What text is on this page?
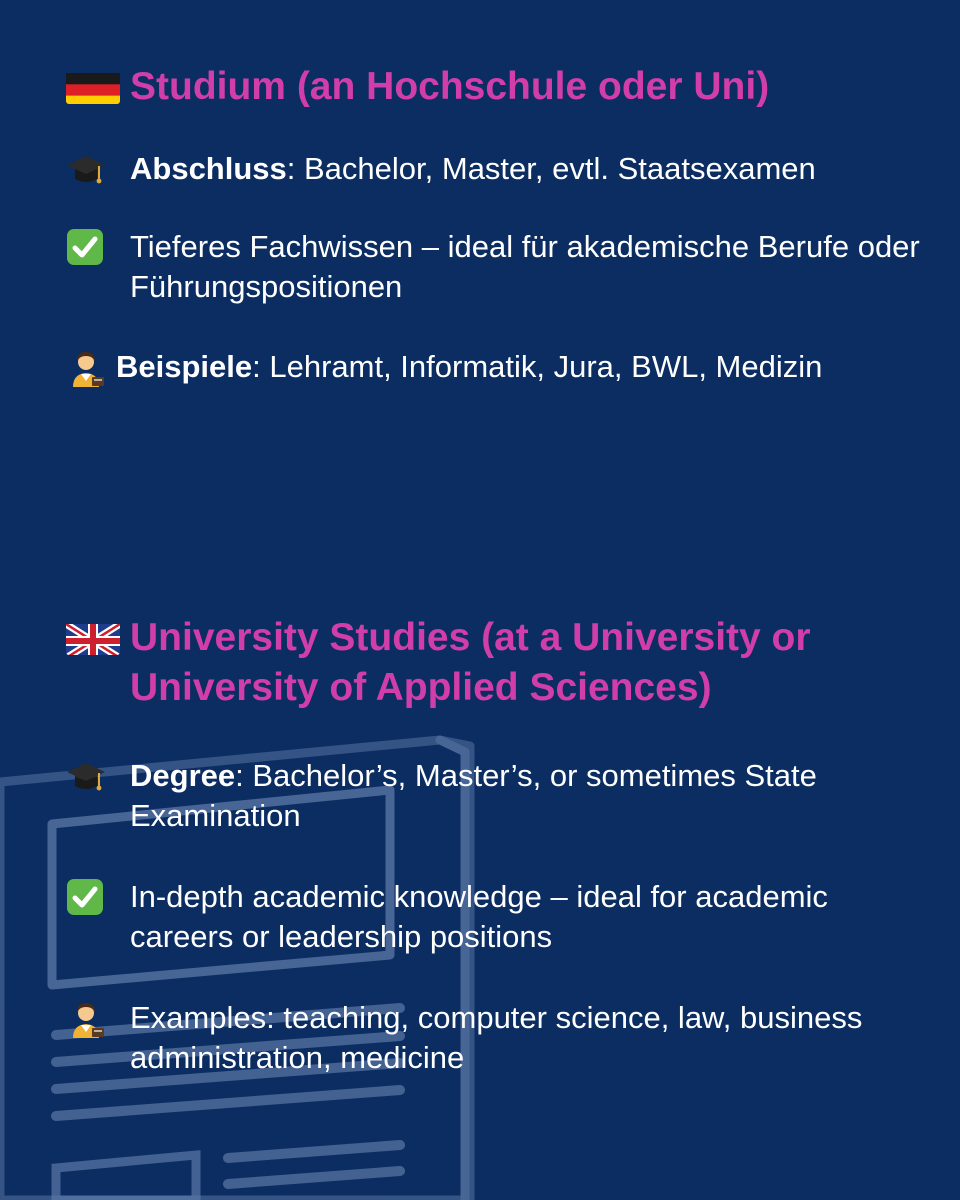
Studium (an Hochschule oder Uni)
Abschluss: Bachelor, Master, evtl. Staatsexamen
Tieferes Fachwissen – ideal für akademische Berufe oder Führungspositionen
Beispiele: Lehramt, Informatik, Jura, BWL, Medizin
University Studies (at a University or University of Applied Sciences)
Degree: Bachelor’s, Master’s, or sometimes State Examination
In-depth academic knowledge – ideal for academic careers or leadership positions
Examples: teaching, computer science, law, business administration, medicine
